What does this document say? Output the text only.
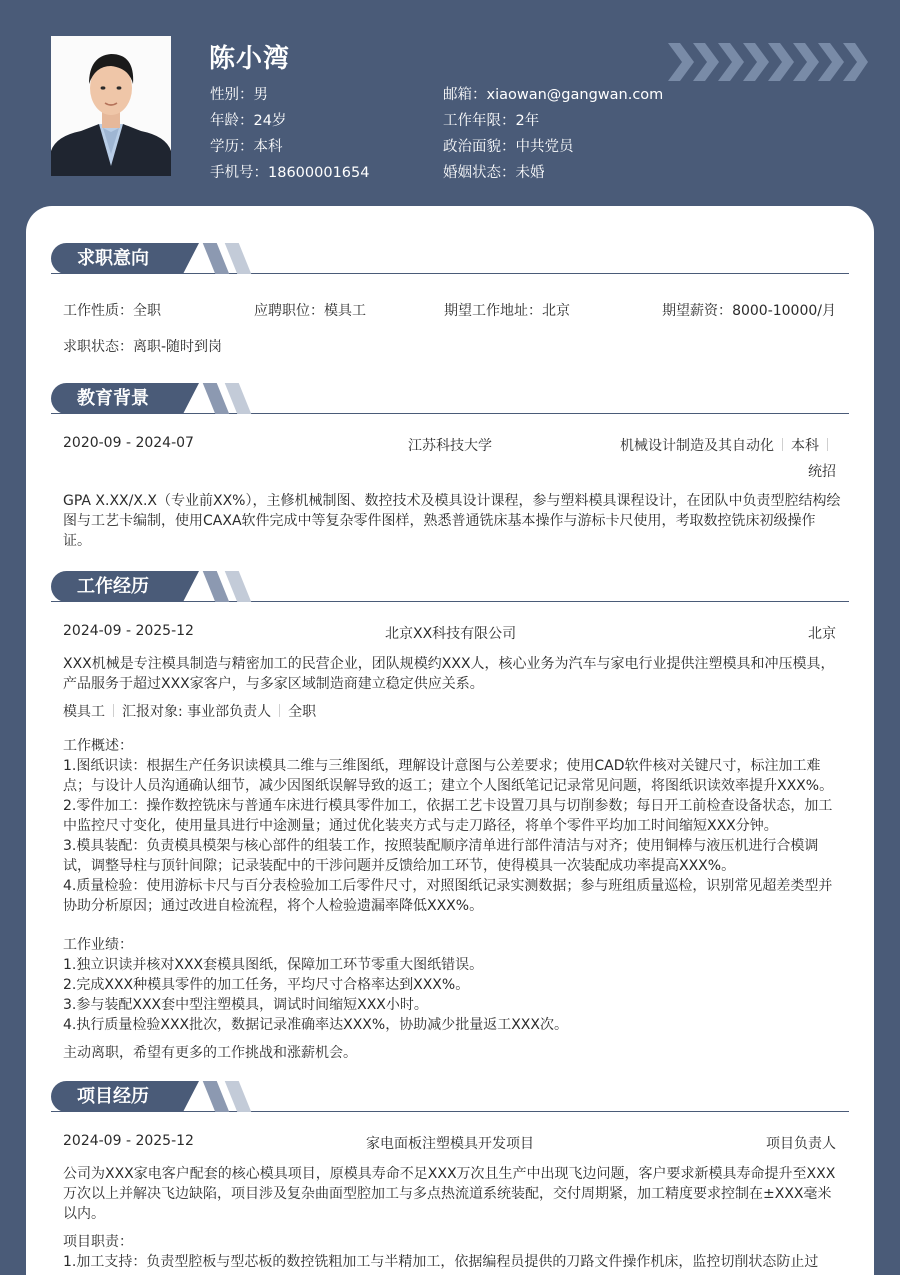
陈小湾
性别：男
年龄：24岁
学历：本科
手机号：18600001654
邮箱：xiaowan@gangwan.com
工作年限：2年
政治面貌：中共党员
婚姻状态：未婚
求职意向
工作性质：全职	应聘职位：模具工	期望工作地址：北京	期望薪资：8000-10000/月
求职状态：离职-随时到岗
教育背景
2020-09 - 2024-07	江苏科技大学	机械设计制造及其自动化 本科
统招
GPA X.XX/X.X（专业前XX%），主修机械制图、数控技术及模具设计课程，参与塑料模具课程设计，在团队中负责型腔结构绘图与工艺卡编制，使用CAXA软件完成中等复杂零件图样，熟悉普通铣床基本操作与游标卡尺使用，考取数控铣床初级操作证。
工作经历
2024-09 - 2025-12	北京XX科技有限公司	北京
XXX机械是专注模具制造与精密加工的民营企业，团队规模约XXX人，核心业务为汽车与家电行业提供注塑模具和冲压模具，产品服务于超过XXX家客户，与多家区域制造商建立稳定供应关系。
模具工 汇报对象: 事业部负责人 全职
工作概述：
1.图纸识读：根据生产任务识读模具二维与三维图纸，理解设计意图与公差要求；使用CAD软件核对关键尺寸，标注加工难点；与设计人员沟通确认细节，减少因图纸误解导致的返工；建立个人图纸笔记记录常见问题，将图纸识读效率提升XXX%。
2.零件加工：操作数控铣床与普通车床进行模具零件加工，依据工艺卡设置刀具与切削参数；每日开工前检查设备状态，加工中监控尺寸变化，使用量具进行中途测量；通过优化装夹方式与走刀路径，将单个零件平均加工时间缩短XXX分钟。
3.模具装配：负责模具模架与核心部件的组装工作，按照装配顺序清单进行部件清洁与对齐；使用铜棒与液压机进行合模调试，调整导柱与顶针间隙；记录装配中的干涉问题并反馈给加工环节，使得模具一次装配成功率提高XXX%。
4.质量检验：使用游标卡尺与百分表检验加工后零件尺寸，对照图纸记录实测数据；参与班组质量巡检，识别常见超差类型并协助分析原因；通过改进自检流程，将个人检验遗漏率降低XXX%。
工作业绩：
1.独立识读并核对XXX套模具图纸，保障加工环节零重大图纸错误。
2.完成XXX种模具零件的加工任务，平均尺寸合格率达到XXX%。
3.参与装配XXX套中型注塑模具，调试时间缩短XXX小时。
4.执行质量检验XXX批次，数据记录准确率达XXX%，协助减少批量返工XXX次。
主动离职，希望有更多的工作挑战和涨薪机会。
项目经历
2024-09 - 2025-12	家电面板注塑模具开发项目	项目负责人
公司为XXX家电客户配套的核心模具项目，原模具寿命不足XXX万次且生产中出现飞边问题，客户要求新模具寿命提升至XXX万次以上并解决飞边缺陷，项目涉及复杂曲面型腔加工与多点热流道系统装配，交付周期紧，加工精度要求控制在±XXX毫米以内。
项目职责：
1.加工支持：负责型腔板与型芯板的数控铣粗加工与半精加工，依据编程员提供的刀路文件操作机床，监控切削状态防止过
